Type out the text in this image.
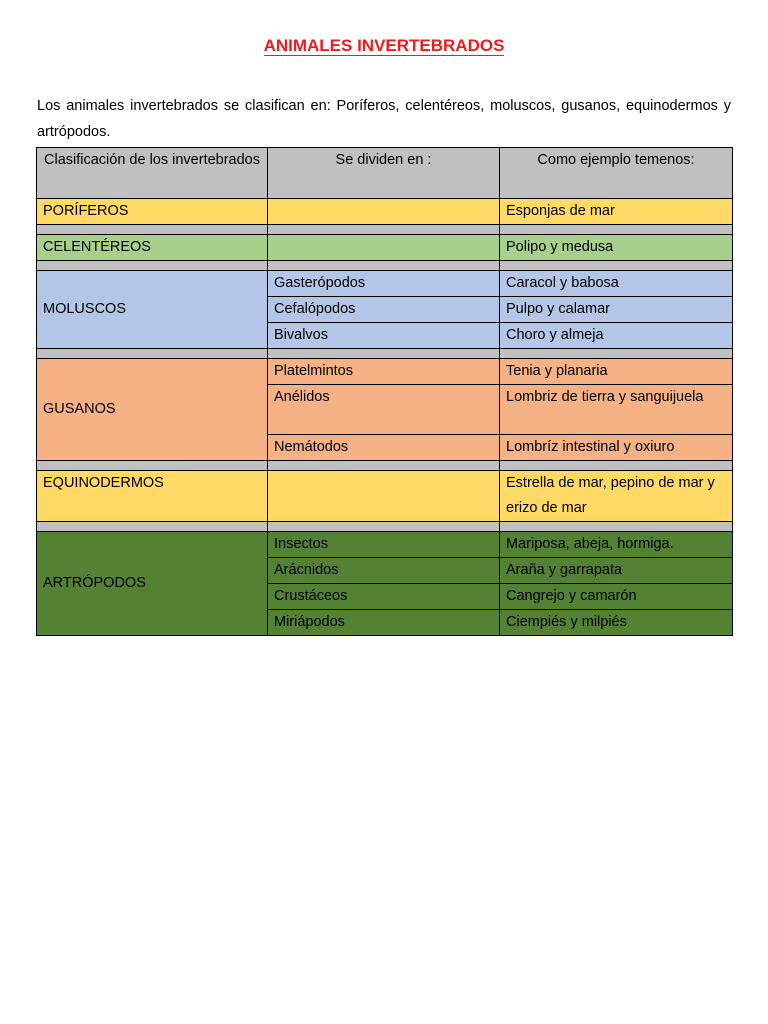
ANIMALES INVERTEBRADOS
Los animales invertebrados se clasifican en: Poríferos, celentéreos, moluscos, gusanos, equinodermos y artrópodos.
Clasificación de los invertebrados	Se dividen en :	Como ejemplo temenos:
PORÍFEROS		Esponjas de mar

CELENTÉREOS		Polipo y medusa

MOLUSCOS	Gasterópodos	Caracol y babosa
	Cefalópodos	Pulpo y calamar
	Bivalvos	Choro y almeja

GUSANOS	Platelmintos	Tenia y planaria
	Anélidos	Lombriz de tierra y sanguijuela
	Nemátodos	Lombríz intestinal y oxiuro

EQUINODERMOS		Estrella de mar, pepino de mar y erizo de mar

ARTRÓPODOS	Insectos	Mariposa, abeja, hormiga.
	Arácnidos	Araña y garrapata
	Crustáceos	Cangrejo y camarón
	Miriápodos	Ciempiés y milpiés
